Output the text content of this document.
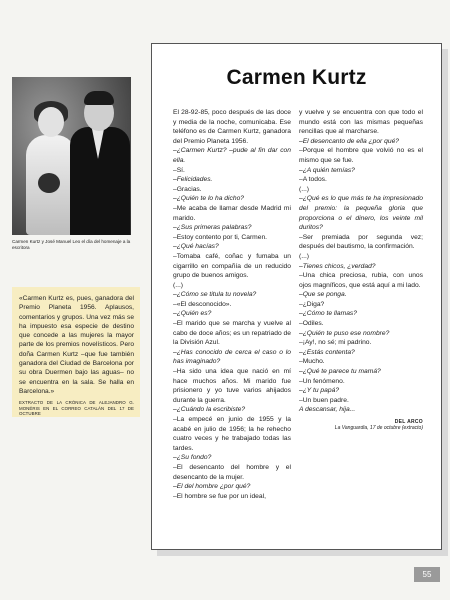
Carmen Kurtz y José Manuel Leo el día del homenaje a la escritora

«Carmen Kurtz es, pues, ganadora del Premio Planeta 1956. Aplausos, comentarios y grupos. Una vez más se ha impuesto esa especie de destino que concede a las mujeres la mayor parte de los premios novelísticos. Pero doña Carmen Kurtz –que fue también ganadora del Ciudad de Barcelona por su obra Duermen bajo las aguas– no se encuentra en la sala. Se halla en Barcelona.»

EXTRACTO DE LA CRÓNICA DE ALEJANDRO G. MONÉRIS EN EL CORREO CATALÁN DEL 17 DE OCTUBRE

Carmen Kurtz

El 28-92-85, poco después de las doce y media de la noche, comunicaba. Ese teléfono es de Carmen Kurtz, ganadora del Premio Planeta 1956.

–¿Carmen Kurtz? –pude al fin dar con ella.

–Sí.

–Felicidades.

–Gracias.

–¿Quién te lo ha dicho?

–Me acaba de llamar desde Madrid mi marido.

–¿Sus primeras palabras?

–Estoy contento por ti, Carmen.

–¿Qué hacías?

–Tomaba café, coñac y fumaba un cigarrillo en compañía de un reducido grupo de buenos amigos.

(...)

–¿Cómo se titula tu novela?

–«El desconocido».

–¿Quién es?

–El marido que se marcha y vuelve al cabo de doce años; es un repatriado de la División Azul.

–¿Has conocido de cerca el caso o lo has imaginado?

–Ha sido una idea que nació en mí hace muchos años. Mi marido fue prisionero y yo tuve varios ahijados durante la guerra.

–¿Cuándo la escribiste?

–La empecé en junio de 1955 y la acabé en julio de 1956; la he rehecho cuatro veces y he trabajado todas las tardes.

–¿Su fondo?

–El desencanto del hombre y el desencanto de la mujer.

–El del hombre ¿por qué?

–El hombre se fue por un ideal,

y vuelve y se encuentra con que todo el mundo está con las mismas pequeñas rencillas que al marcharse.

–El desencanto de ella ¿por qué?

–Porque el hombre que volvió no es el mismo que se fue.

–¿A quién temías?

–A todos.

(...)

–¿Qué es lo que más te ha impresionado del premio: la pequeña gloria que proporciona o el dinero, los veinte mil duritos?

–Ser premiada por segunda vez; después del bautismo, la confirmación.

(...)

–Tienes chicos, ¿verdad?

–Una chica preciosa, rubia, con unos ojos magníficos, que está aquí a mi lado.

–Que se ponga.

–¿Diga?

–¿Cómo te llamas?

–Odiles.

–¿Quién te puso ese nombre?

–¡Ay!, no sé; mi padrino.

–¿Estás contenta?

–Mucho.

–¿Qué te parece tu mamá?

–Un fenómeno.

–¿Y tu papá?

–Un buen padre.

A descansar, hija...

DEL ARCO
La Vanguardia, 17 de octubre (extracto)
55
